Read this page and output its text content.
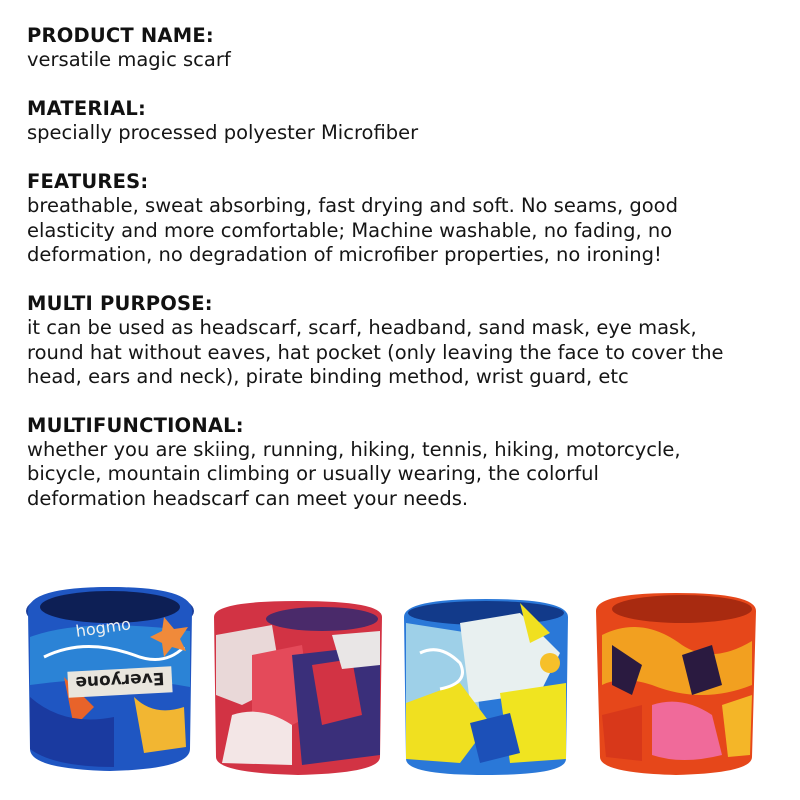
PRODUCT NAME:
versatile magic scarf
MATERIAL:
specially processed polyester Microfiber
FEATURES:
breathable, sweat absorbing, fast drying and soft. No seams, good
elasticity and more comfortable; Machine washable, no fading, no
deformation, no degradation of microfiber properties, no ironing!
MULTI PURPOSE:
it can be used as headscarf, scarf, headband, sand mask, eye mask,
round hat without eaves, hat pocket (only leaving the face to cover the
head, ears and neck), pirate binding method, wrist guard, etc
MULTIFUNCTIONAL:
whether you are skiing, running, hiking, tennis, hiking, motorcycle,
bicycle, mountain climbing or usually wearing, the colorful
deformation headscarf can meet your needs.
Everyone
hogmo
